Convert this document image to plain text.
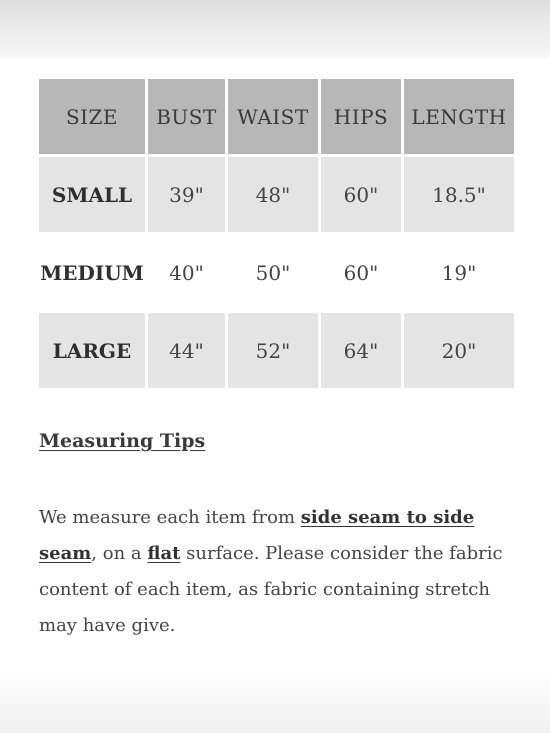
SIZE	BUST	WAIST	HIPS	LENGTH
SMALL	39"	48"	60"	18.5"
MEDIUM	40"	50"	60"	19"
LARGE	44"	52"	64"	20"
Measuring Tips

We measure each item from side seam to side seam, on a flat surface. Please consider the fabric content of each item, as fabric containing stretch may have give.
